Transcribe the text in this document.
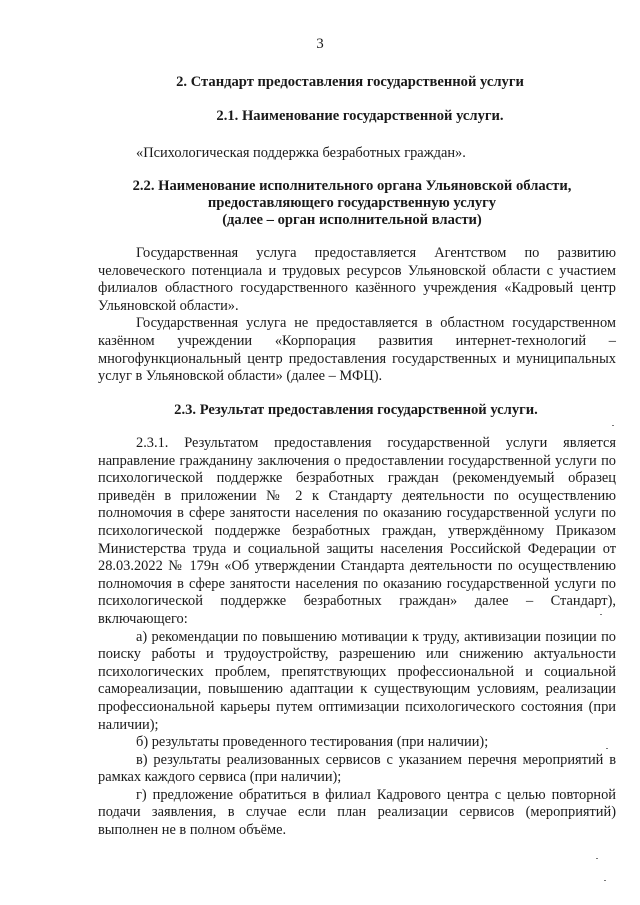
3
2. Стандарт предоставления государственной услуги
2.1. Наименование государственной услуги.
«Психологическая поддержка безработных граждан».
2.2. Наименование исполнительного органа Ульяновской области,
предоставляющего государственную услугу
(далее – орган исполнительной власти)

Государственная услуга предоставляется Агентством по развитию человеческого потенциала и трудовых ресурсов Ульяновской области с участием филиалов областного государственного казённого учреждения «Кадровый центр Ульяновской области».

Государственная услуга не предоставляется в областном государственном казённом учреждении «Корпорация развития интернет-технологий – многофункциональный центр предоставления государственных и муниципальных услуг в Ульяновской области» (далее – МФЦ).

2.3. Результат предоставления государственной услуги.

2.3.1. Результатом предоставления государственной услуги является направление гражданину заключения о предоставлении государственной услуги по психологической поддержке безработных граждан (рекомендуемый образец приведён в приложении № 2 к Стандарту деятельности по осуществлению полномочия в сфере занятости населения по оказанию государственной услуги по психологической поддержке безработных граждан, утверждённому Приказом Министерства труда и социальной защиты населения Российской Федерации от 28.03.2022 № 179н «Об утверждении Стандарта деятельности по осуществлению полномочия в сфере занятости населения по оказанию государственной услуги по психологической поддержке безработных граждан» далее – Стандарт), включающего:

а) рекомендации по повышению мотивации к труду, активизации позиции по поиску работы и трудоустройству, разрешению или снижению актуальности психологических проблем, препятствующих профессиональной и социальной самореализации, повышению адаптации к существующим условиям, реализации профессиональной карьеры путем оптимизации психологического состояния (при наличии);

б) результаты проведенного тестирования (при наличии);

в) результаты реализованных сервисов с указанием перечня мероприятий в рамках каждого сервиса (при наличии);

г) предложение обратиться в филиал Кадрового центра с целью повторной подачи заявления, в случае если план реализации сервисов (мероприятий) выполнен не в полном объёме.
